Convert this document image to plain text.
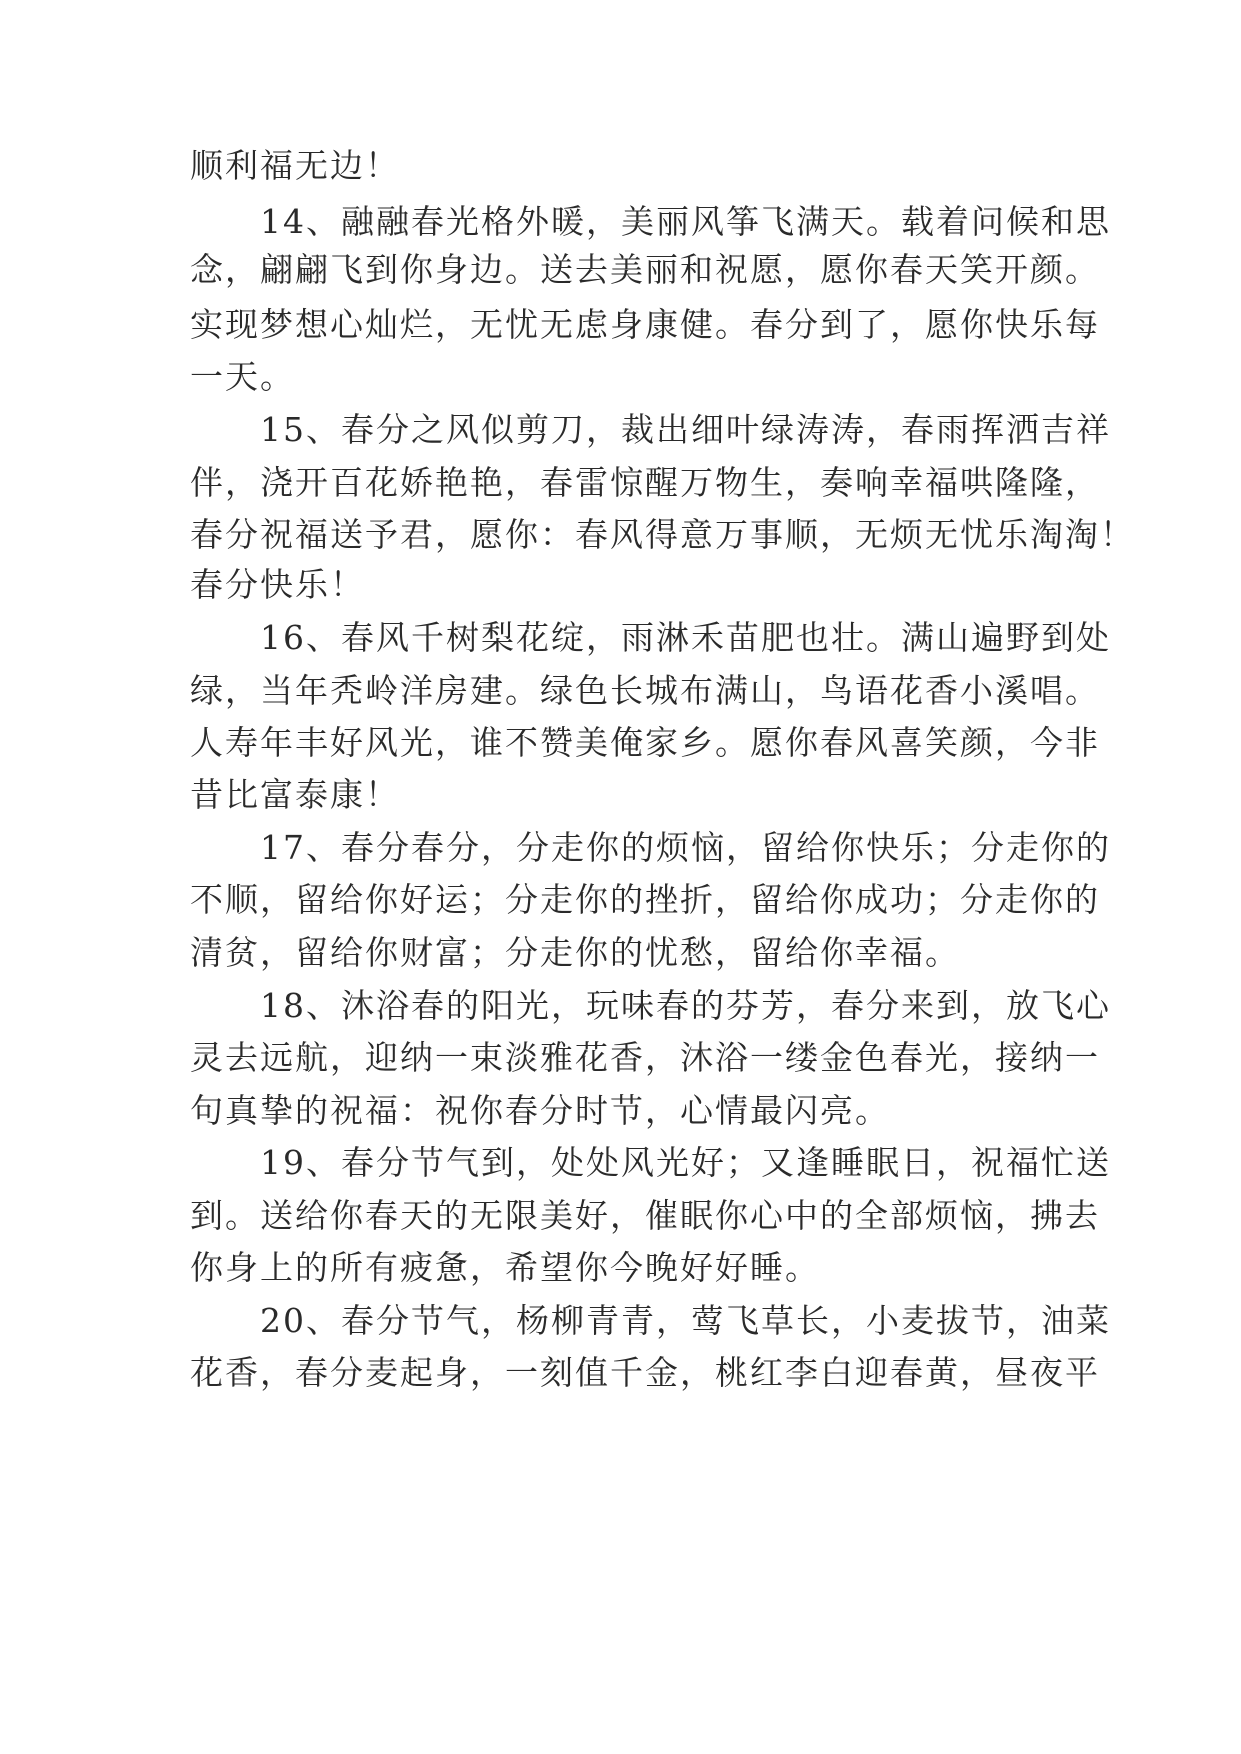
顺利福无边！

　　14、融融春光格外暖，美丽风筝飞满天。载着问候和思

念，翩翩飞到你身边。送去美丽和祝愿，愿你春天笑开颜。

实现梦想心灿烂，无忧无虑身康健。春分到了，愿你快乐每

一天。

　　15、春分之风似剪刀，裁出细叶绿涛涛，春雨挥洒吉祥

伴，浇开百花娇艳艳，春雷惊醒万物生，奏响幸福哄隆隆，

春分祝福送予君，愿你：春风得意万事顺，无烦无忧乐淘淘！

春分快乐！

　　16、春风千树梨花绽，雨淋禾苗肥也壮。满山遍野到处

绿，当年秃岭洋房建。绿色长城布满山，鸟语花香小溪唱。

人寿年丰好风光，谁不赞美俺家乡。愿你春风喜笑颜，今非

昔比富泰康！

　　17、春分春分，分走你的烦恼，留给你快乐；分走你的

不顺，留给你好运；分走你的挫折，留给你成功；分走你的

清贫，留给你财富；分走你的忧愁，留给你幸福。

　　18、沐浴春的阳光，玩味春的芬芳，春分来到，放飞心

灵去远航，迎纳一束淡雅花香，沐浴一缕金色春光，接纳一

句真挚的祝福：祝你春分时节，心情最闪亮。

　　19、春分节气到，处处风光好；又逢睡眠日，祝福忙送

到。送给你春天的无限美好，催眠你心中的全部烦恼，拂去

你身上的所有疲惫，希望你今晚好好睡。

　　20、春分节气，杨柳青青，莺飞草长，小麦拔节，油菜

花香，春分麦起身，一刻值千金，桃红李白迎春黄，昼夜平
